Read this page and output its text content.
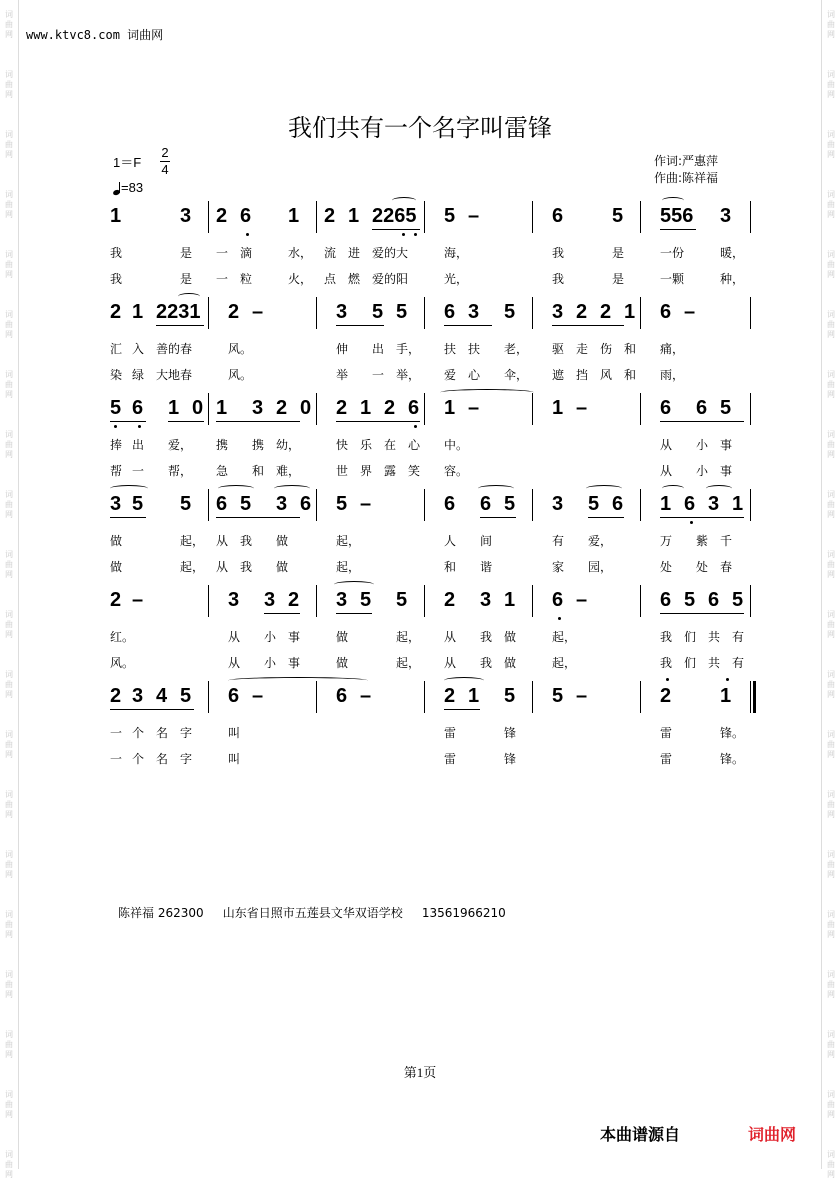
词
曲
网
词
曲
网
词
曲
网
词
曲
网
词
曲
网
词
曲
网
词
曲
网
词
曲
网
词
曲
网
词
曲
网
词
曲
网
词
曲
网
词
曲
网
词
曲
网
词
曲
网
词
曲
网
词
曲
网
词
曲
网
词
曲
网
词
曲
网
词
曲
网
词
曲
网
词
曲
网
词
曲
网
词
曲
网
词
曲
网
词
曲
网
词
曲
网
词
曲
网
词
曲
网
词
曲
网
词
曲
网
词
曲
网
词
曲
网
词
曲
网
词
曲
网
词
曲
网
词
曲
网
词
曲
网
词
曲
网
www.ktvc8.com 词曲网
我们共有一个名字叫雷锋
1＝F
2
4
=83
作词:严惠萍
作曲:陈祥福
1	3 2 6 1 2 1 2265 5 –	6 5 556 3
我	是 一 滴	水， 流 进 爱的大	海，	我	是	一份	暖，
我	是 一 粒	火， 点 燃 爱的阳	光，	我	是	一颗	种，
2 1 2231 2 –	3 5 5 6 3 5 3 2 2 1 6 –
汇 入 善的春	风。	伸 出 手， 扶 扶 老， 驱 走 伤 和 痛，
染 绿 大地春	风。	举 一 举， 爱 心 伞， 遮 挡 风 和 雨，
5 6 1 0 1 3 2 0 2 1 2 6 1 –	1 –	6 6 5
捧 出 爱， 携 携 幼，	快 乐 在 心 中。	从 小 事
帮 一 帮， 急 和 难，	世 界 露 笑 容。	从 小 事
3 5 5 6 5 3 6 5 –	6 6 5 3 5 6 1 6 3 1
做	起， 从 我 做	起，	人 间	有 爱，	万 紫 千
做	起， 从 我 做	起，	和 谐	家 园，	处 处 春
2 –	3 3 2 3 5 5 2 3 1 6 –	6 5 6 5
红。	从 小 事	做	起， 从 我 做	起，	我 们 共 有
风。	从 小 事	做	起， 从 我 做	起，	我 们 共 有
2 3 4 5 6 –	6 –	2 1 5 5 –	2 1
一 个 名 字	叫	雷	锋	雷	锋。
一 个 名 字	叫	雷	锋	雷	锋。
陈祥福 262300 山东省日照市五莲县文华双语学校 13561966210
第1页
本曲谱源自	词曲网
